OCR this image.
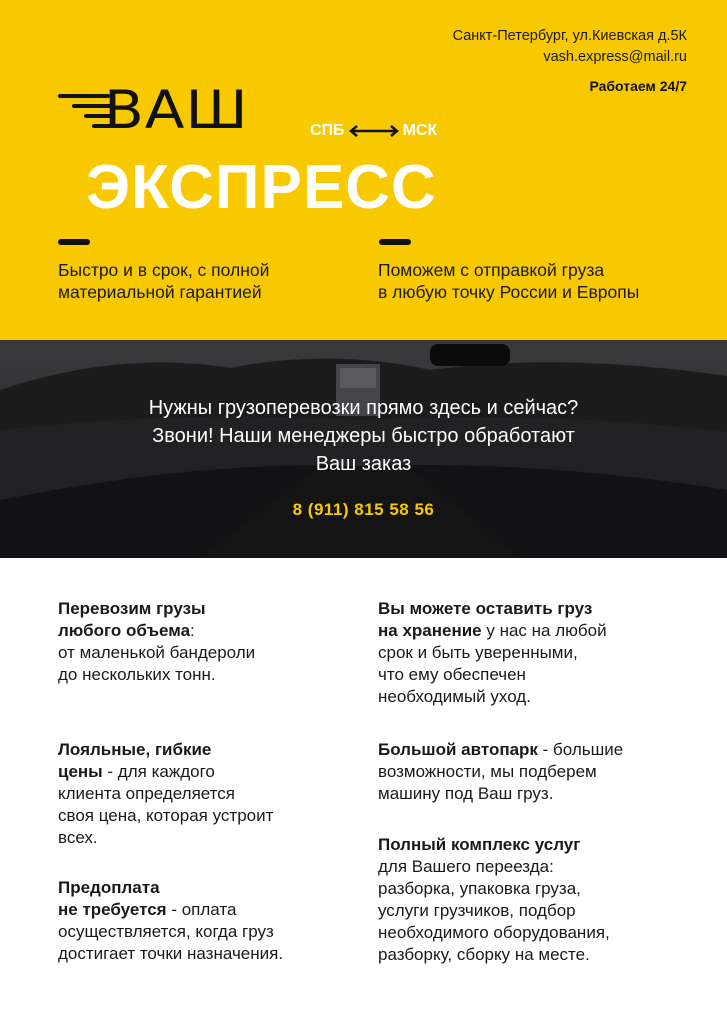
Санкт-Петербург, ул.Киевская д.5К
vash.express@mail.ru
Работаем 24/7
ВАШ	СПБ	МСК
ЭКСПРЕСС
Быстро и в срок, с полной
материальной гарантией
Поможем с отправкой груза
в любую точку России и Европы
Нужны грузоперевозки прямо здесь и сейчас?
Звони! Наши менеджеры быстро обработают
Ваш заказ
8 (911) 815 58 56
Перевозим грузы
любого объема:
от маленькой бандероли
до нескольких тонн.
Лояльные, гибкие
цены - для каждого
клиента определяется
своя цена, которая устроит
всех.
Предоплата
не требуется - оплата
осуществляется, когда груз
достигает точки назначения.
Вы можете оставить груз
на хранение у нас на любой
срок и быть уверенными,
что ему обеспечен
необходимый уход.
Большой автопарк - большие
возможности, мы подберем
машину под Ваш груз.
Полный комплекс услуг
для Вашего переезда:
разборка, упаковка груза,
услуги грузчиков, подбор
необходимого оборудования,
разборку, сборку на месте.
